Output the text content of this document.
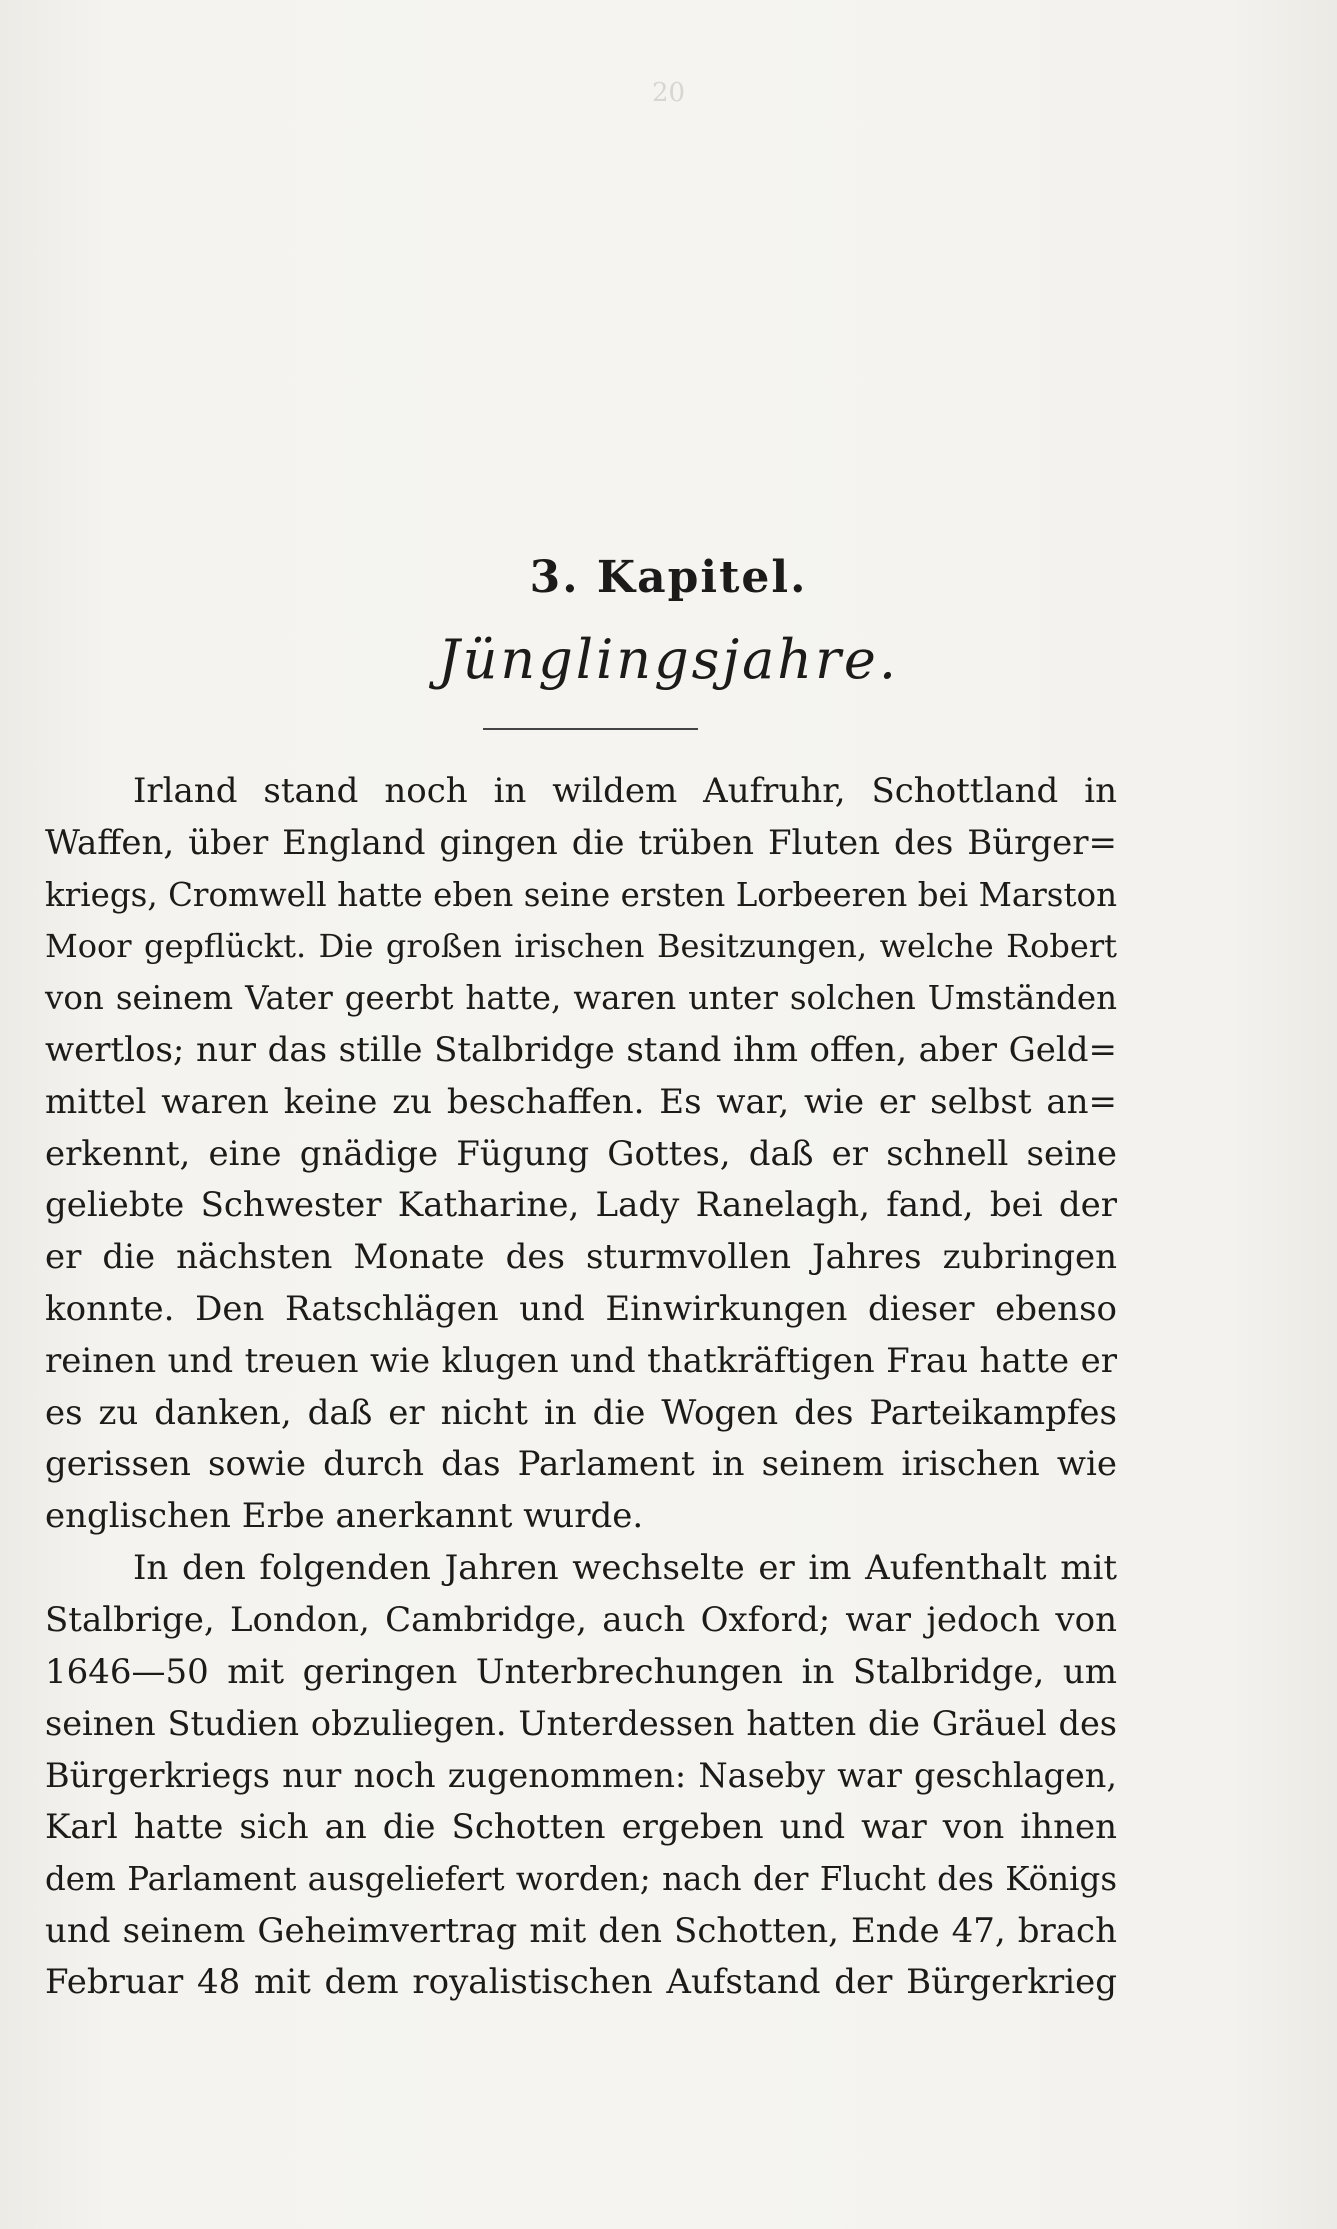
20
3. Kapitel.
Jünglingsjahre.
Irland stand noch in wildem Aufruhr, Schottland in
Waffen, über England gingen die trüben Fluten des Bürger=
kriegs, Cromwell hatte eben seine ersten Lorbeeren bei Marston
Moor gepflückt. Die großen irischen Besitzungen, welche Robert
von seinem Vater geerbt hatte, waren unter solchen Umständen
wertlos; nur das stille Stalbridge stand ihm offen, aber Geld=
mittel waren keine zu beschaffen. Es war, wie er selbst an=
erkennt, eine gnädige Fügung Gottes, daß er schnell seine
geliebte Schwester Katharine, Lady Ranelagh, fand, bei der
er die nächsten Monate des sturmvollen Jahres zubringen
konnte. Den Ratschlägen und Einwirkungen dieser ebenso
reinen und treuen wie klugen und thatkräftigen Frau hatte er
es zu danken, daß er nicht in die Wogen des Parteikampfes
gerissen sowie durch das Parlament in seinem irischen wie
englischen Erbe anerkannt wurde.
In den folgenden Jahren wechselte er im Aufenthalt mit
Stalbrige, London, Cambridge, auch Oxford; war jedoch von
1646—50 mit geringen Unterbrechungen in Stalbridge, um
seinen Studien obzuliegen. Unterdessen hatten die Gräuel des
Bürgerkriegs nur noch zugenommen: Naseby war geschlagen,
Karl hatte sich an die Schotten ergeben und war von ihnen
dem Parlament ausgeliefert worden; nach der Flucht des Königs
und seinem Geheimvertrag mit den Schotten, Ende 47, brach
Februar 48 mit dem royalistischen Aufstand der Bürgerkrieg
